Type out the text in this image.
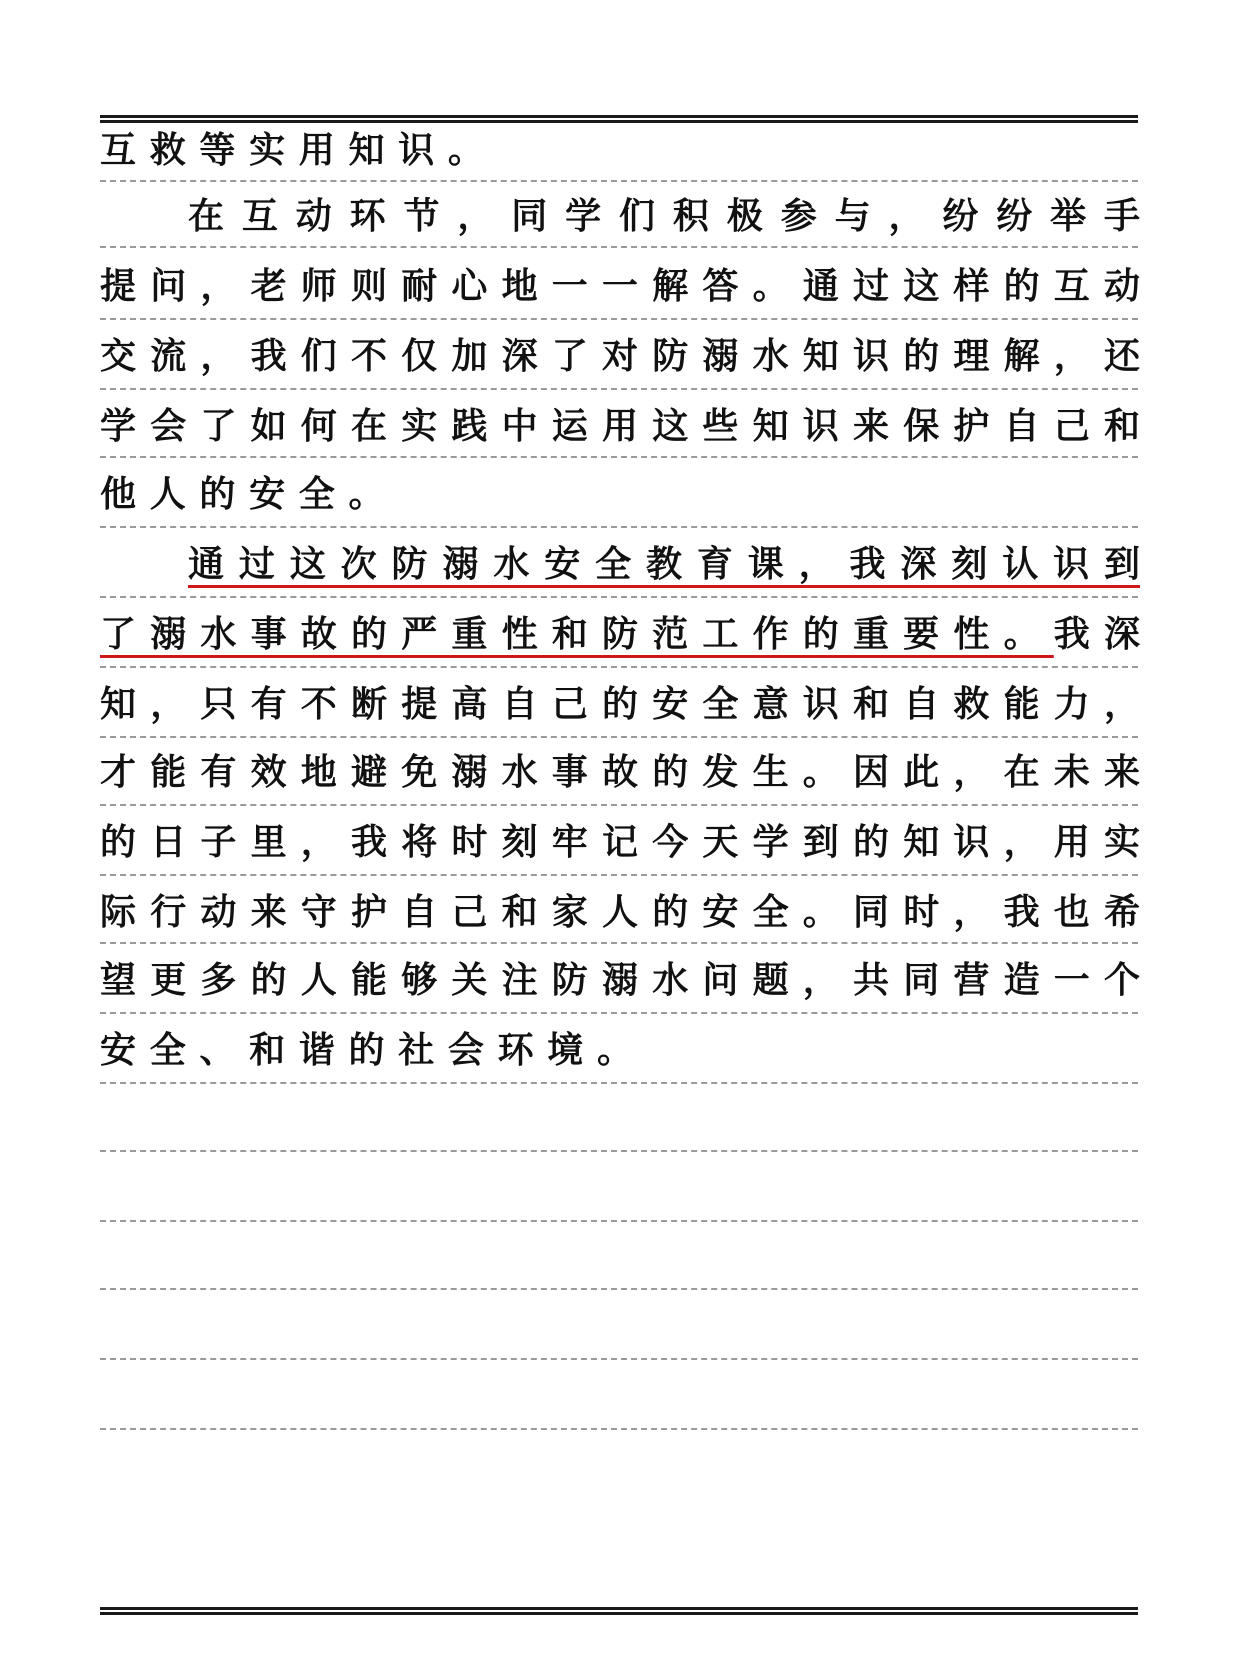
互救等实用知识。
在互动环节，同学们积极参与，纷纷举手
提问，老师则耐心地一一解答。通过这样的互动
交流，我们不仅加深了对防溺水知识的理解，还
学会了如何在实践中运用这些知识来保护自己和
他人的安全。
通过这次防溺水安全教育课，我深刻认识到
了溺水事故的严重性和防范工作的重要性。我深
知，只有不断提高自己的安全意识和自救能力，
才能有效地避免溺水事故的发生。因此，在未来
的日子里，我将时刻牢记今天学到的知识，用实
际行动来守护自己和家人的安全。同时，我也希
望更多的人能够关注防溺水问题，共同营造一个
安全、和谐的社会环境。
